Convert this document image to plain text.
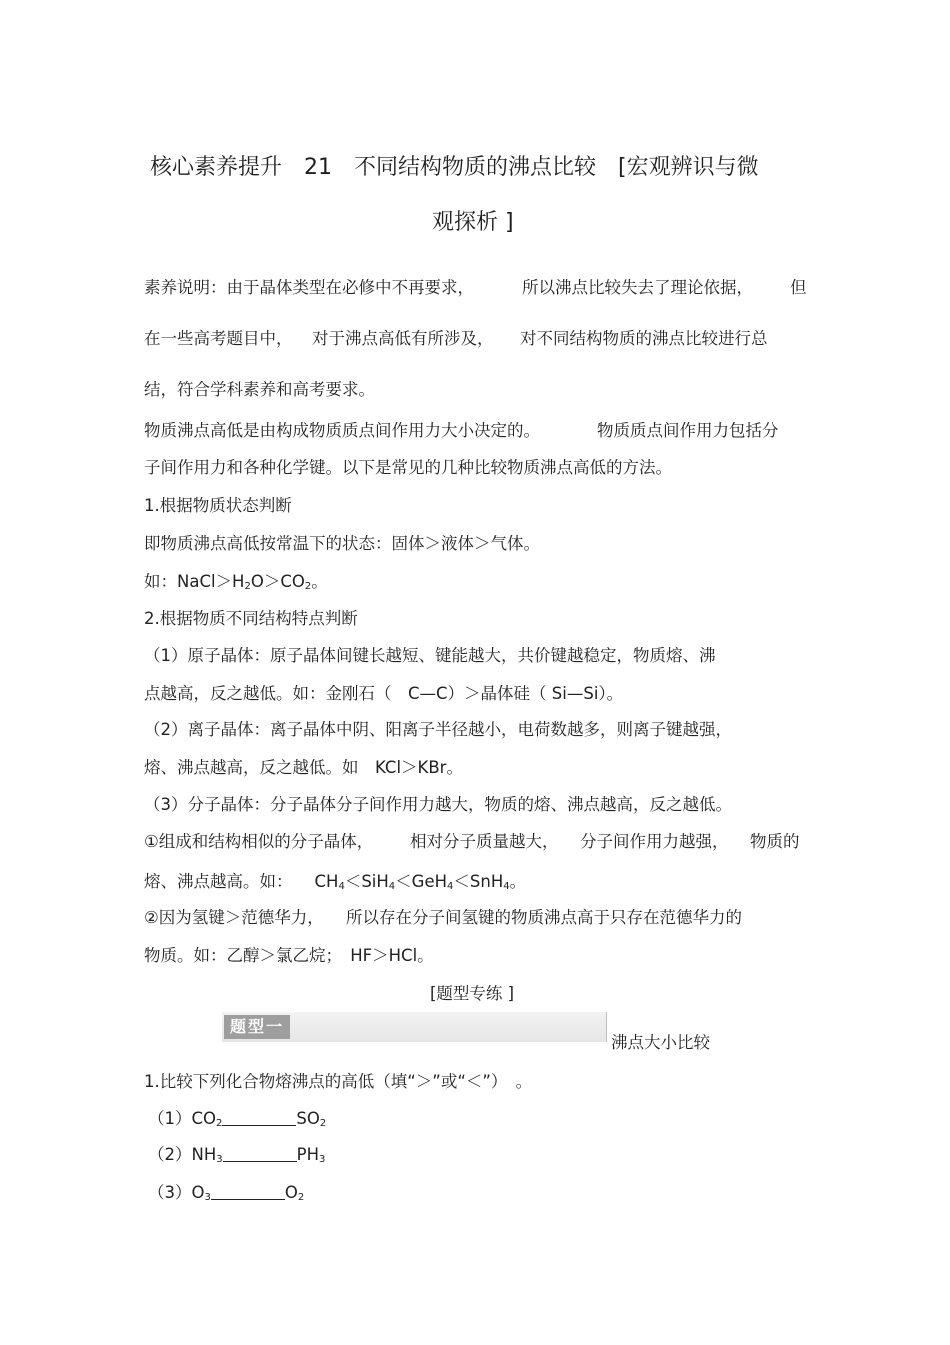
核心素养提升　21　不同结构物质的沸点比较　[宏观辨识与微
观探析 ]
素养说明：由于晶体类型在必修中不再要求，	所以沸点比较失去了理论依据， 但
在一些高考题目中， 对于沸点高低有所涉及， 对不同结构物质的沸点比较进行总
结，符合学科素养和高考要求。
物质沸点高低是由构成物质质点间作用力大小决定的。	物质质点间作用力包括分
子间作用力和各种化学键。以下是常见的几种比较物质沸点高低的方法。
1.根据物质状态判断
即物质沸点高低按常温下的状态：固体＞液体＞气体。
如：$NaCl>H_2O>CO_2$。
2.根据物质不同结构特点判断
（1）原子晶体：原子晶体间键长越短、键能越大，共价键越稳定，物质熔、沸
点越高，反之越低。如：金刚石（　C—C）＞晶体硅（ Si—Si）。
（2）离子晶体：离子晶体中阴、阳离子半径越小，电荷数越多，则离子键越强，
熔、沸点越高，反之越低。如　KCl＞KBr。
（3）分子晶体：分子晶体分子间作用力越大，物质的熔、沸点越高，反之越低。
①组成和结构相似的分子晶体， 相对分子质量越大， 分子间作用力越强， 物质的
熔、沸点越高。如： $CH_4<SiH_4<GeH_4<SnH_4$。
②因为氢键＞范德华力， 所以存在分子间氢键的物质沸点高于只存在范德华力的
物质。如：乙醇＞氯乙烷；　HF＞HCl。
[题型专练 ]
题型一
沸点大小比较
1.比较下列化合物熔沸点的高低（填“＞”或“＜”）　。
$(1)CO_2$	$SO_2$
$(2)NH_3$	$PH_3$
$(3)O_3$	$O_2$
